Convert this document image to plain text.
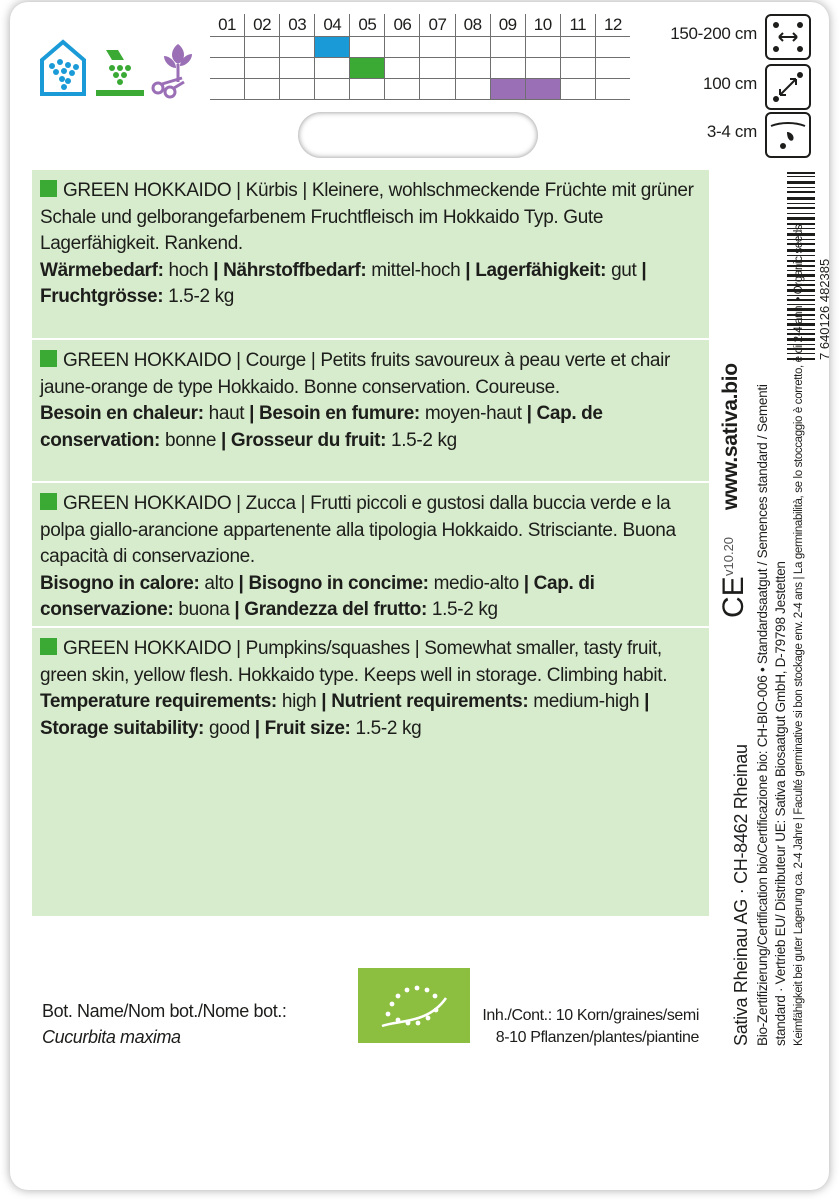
01	02	03	04	05	06	07	08	09	10	11	12	150-200 cm
100 cm
3-4 cm

GREEN HOKKAIDO | Kürbis | Kleinere, wohlschmeckende Früchte mit grüner Schale und gelborangefarbenem Fruchtfleisch im Hokkaido Typ. Gute Lagerfähigkeit. Rankend.

Wärmebedarf: hoch | Nährstoffbedarf: mittel-hoch | Lagerfähigkeit: gut | Fruchtgrösse: 1.5-2 kg

GREEN HOKKAIDO | Courge | Petits fruits savoureux à peau verte et chair jaune-orange de type Hokkaido. Bonne conservation. Coureuse.

Besoin en chaleur: haut | Besoin en fumure: moyen-haut | Cap. de conservation: bonne | Grosseur du fruit: 1.5-2 kg

GREEN HOKKAIDO | Zucca | Frutti piccoli e gustosi dalla buccia verde e la polpa giallo-arancione appartenente alla tipologia Hokkaido. Strisciante. Buona capacità di conservazione.

Bisogno in calore: alto | Bisogno in concime: medio-alto | Cap. di conservazione: buona | Grandezza del frutto: 1.5-2 kg

GREEN HOKKAIDO | Pumpkins/squashes | Somewhat smaller, tasty fruit, green skin, yellow flesh. Hokkaido type. Keeps well in storage. Climbing habit.

Temperature requirements: high | Nutrient requirements: medium-high | Storage suitability: good | Fruit size: 1.5-2 kg

Bot. Name/Nom bot./Nome bot.:
Cucurbita maxima
Inh./Cont.: 10 Korn/graines/semi
8-10 Pflanzen/plantes/piantine
7 640126 482385
www.sativa.bio
v10.20
CE
Sativa Rheinau AG · CH-8462 Rheinau Bio-Zertifizierung/Certification bio/Certificazione bio: CH-BIO-006 • Standardsaatgut / Semences standard / Sementi standard · Vertrieb EU/ Distributeur UE: Sativa Biosaatgut GmbH, D-79798 Jestetten Keimfähigkeit bei guter Lagerung ca. 2-4 Jahre | Faculté germinative si bon stockage env. 2-4 ans | La germinabilità, se lo stoccaggio è corretto, è di 2-4 anni • Organic seeds
